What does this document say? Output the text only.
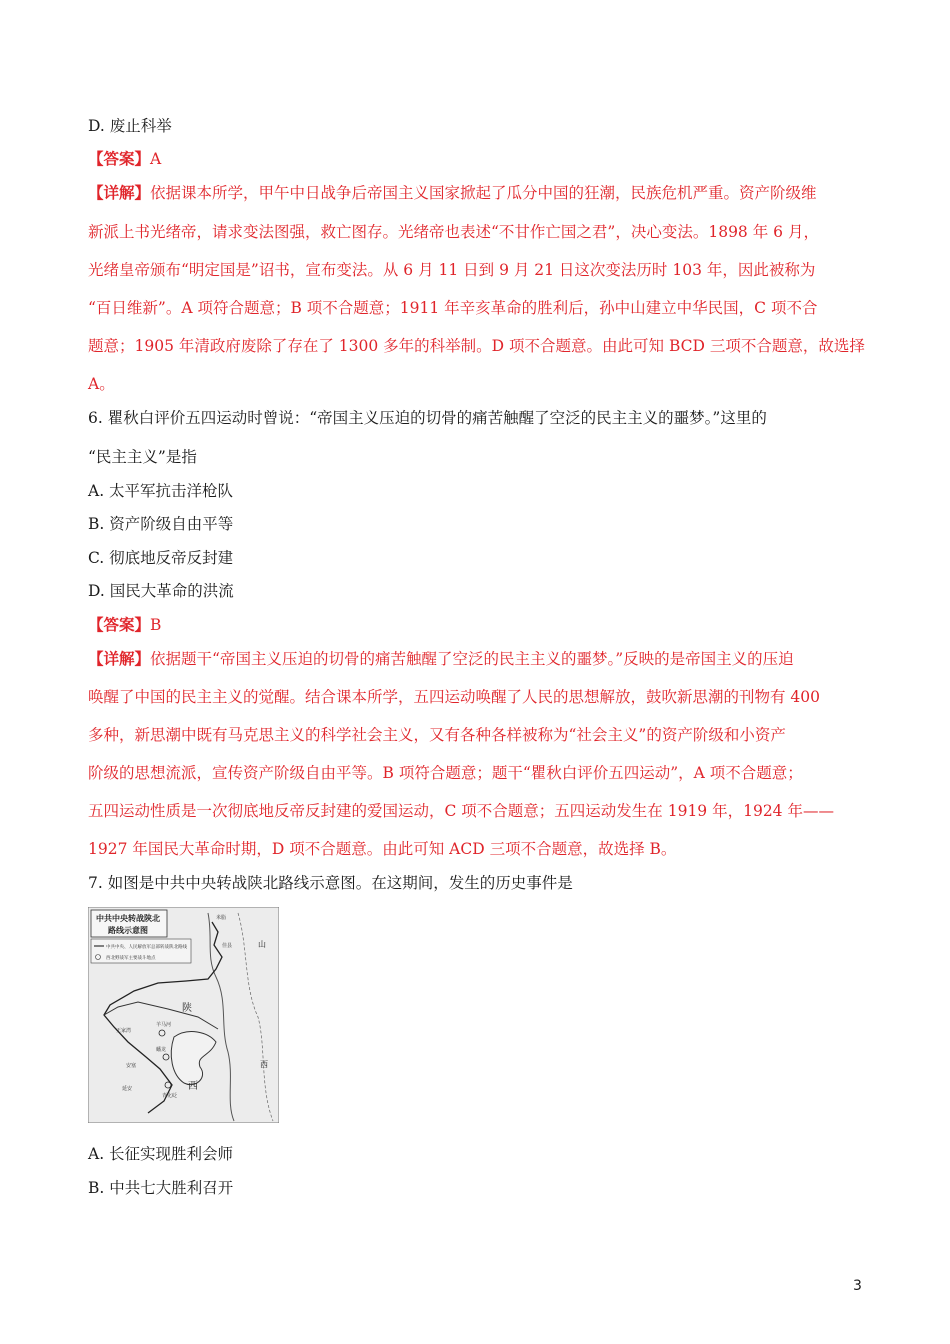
D. 废止科举
【答案】A
【详解】依据课本所学，甲午中日战争后帝国主义国家掀起了瓜分中国的狂潮，民族危机严重。资产阶级维
新派上书光绪帝，请求变法图强，救亡图存。光绪帝也表述“不甘作亡国之君”，决心变法。1898 年 6 月，
光绪皇帝颁布“明定国是”诏书，宣布变法。从 6 月 11 日到 9 月 21 日这次变法历时 103 年，因此被称为
“百日维新”。A 项符合题意；B 项不合题意；1911 年辛亥革命的胜利后，孙中山建立中华民国，C 项不合
题意；1905 年清政府废除了存在了 1300 多年的科举制。D 项不合题意。由此可知 BCD 三项不合题意，故选择
A。
6. 瞿秋白评价五四运动时曾说：“帝国主义压迫的切骨的痛苦触醒了空泛的民主主义的噩梦。”这里的
“民主主义”是指
A. 太平军抗击洋枪队
B. 资产阶级自由平等
C. 彻底地反帝反封建
D. 国民大革命的洪流
【答案】B
【详解】依据题干“帝国主义压迫的切骨的痛苦触醒了空泛的民主主义的噩梦。”反映的是帝国主义的压迫
唤醒了中国的民主主义的觉醒。结合课本所学，五四运动唤醒了人民的思想解放，鼓吹新思潮的刊物有 400
多种，新思潮中既有马克思主义的科学社会主义，又有各种各样被称为“社会主义”的资产阶级和小资产
阶级的思想流派，宣传资产阶级自由平等。B 项符合题意；题干“瞿秋白评价五四运动”，A 项不合题意；
五四运动性质是一次彻底地反帝反封建的爱国运动，C 项不合题意；五四运动发生在 1919 年，1924 年——
1927 年国民大革命时期，D 项不合题意。由此可知 ACD 三项不合题意，故选择 B。
7. 如图是中共中央转战陕北路线示意图。在这期间，发生的历史事件是
中共中央转战陕北
路线示意图
中共中央、人民解放军总部转战陕北路线
西北野战军主要战斗地点
王家湾
羊马河
蟠龙
延安
青化砭
安塞
米脂
佳县
陕
西
山
西
A. 长征实现胜利会师
B. 中共七大胜利召开
3
